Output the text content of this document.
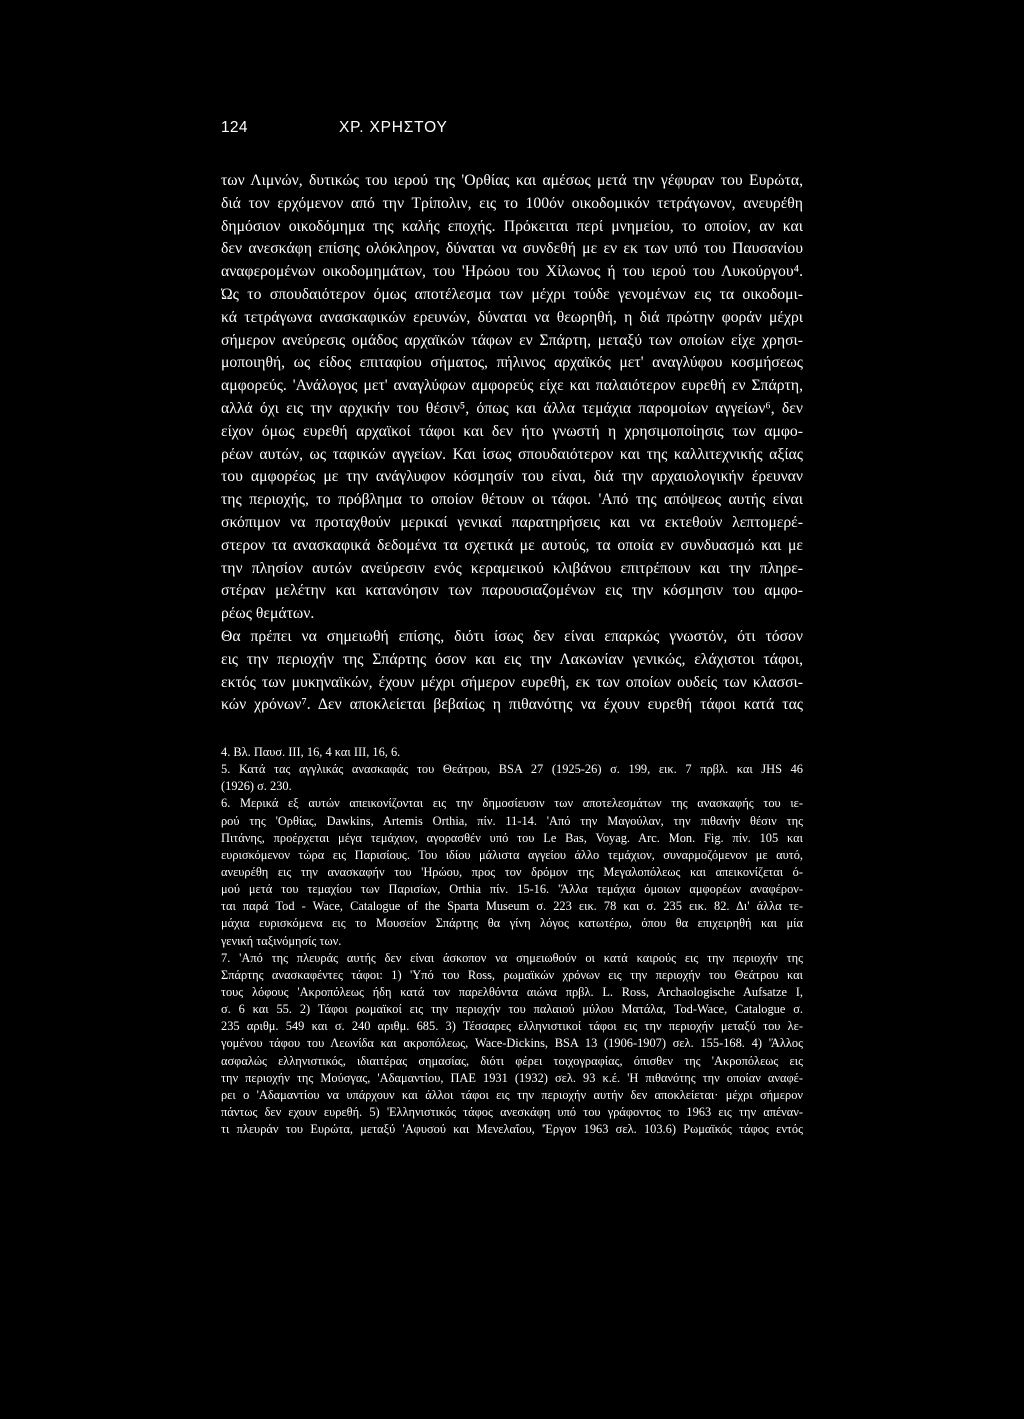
124	ΧΡ. ΧΡΗΣΤΟΥ
των Λιμνών, δυτικώς του ιερού της 'Ορθίας και αμέσως μετά την γέφυραν του Ευρώτα,
διά τον ερχόμενον από την Τρίπολιν, εις το 100όν οικοδομικόν τετράγωνον, ανευρέθη
δημόσιον οικοδόμημα της καλής εποχής. Πρόκειται περί μνημείου, το οποίον, αν και
δεν ανεσκάφη επίσης ολόκληρον, δύναται να συνδεθή με εν εκ των υπό του Παυσανίου
αναφερομένων οικοδομημάτων, του 'Ηρώου του Χίλωνος ή του ιερού του Λυκούργου⁴.
Ώς το σπουδαιότερον όμως αποτέλεσμα των μέχρι τούδε γενομένων εις τα οικοδομι-
κά τετράγωνα ανασκαφικών ερευνών, δύναται να θεωρηθή, η διά πρώτην φοράν μέχρι
σήμερον ανεύρεσις ομάδος αρχαϊκών τάφων εν Σπάρτη, μεταξύ των οποίων είχε χρησι-
μοποιηθή, ως είδος επιταφίου σήματος, πήλινος αρχαϊκός μετ' αναγλύφου κοσμήσεως
αμφορεύς. 'Ανάλογος μετ' αναγλύφων αμφορεύς είχε και παλαιότερον ευρεθή εν Σπάρτη,
αλλά όχι εις την αρχικήν του θέσιν⁵, όπως και άλλα τεμάχια παρομοίων αγγείων⁶, δεν
είχον όμως ευρεθή αρχαϊκοί τάφοι και δεν ήτο γνωστή η χρησιμοποίησις των αμφο-
ρέων αυτών, ως ταφικών αγγείων. Και ίσως σπουδαιότερον και της καλλιτεχνικής αξίας
του αμφορέως με την ανάγλυφον κόσμησίν του είναι, διά την αρχαιολογικήν έρευναν
της περιοχής, το πρόβλημα το οποίον θέτουν οι τάφοι. 'Από της απόψεως αυτής είναι
σκόπιμον να προταχθούν μερικαί γενικαί παρατηρήσεις και να εκτεθούν λεπτομερέ-
στερον τα ανασκαφικά δεδομένα τα σχετικά με αυτούς, τα οποία εν συνδυασμώ και με
την πλησίον αυτών ανεύρεσιν ενός κεραμεικού κλιβάνου επιτρέπουν και την πληρε-
στέραν μελέτην και κατανόησιν των παρουσιαζομένων εις την κόσμησιν του αμφο-
ρέως θεμάτων.
Θα πρέπει να σημειωθή επίσης, διότι ίσως δεν είναι επαρκώς γνωστόν, ότι τόσον
εις την περιοχήν της Σπάρτης όσον και εις την Λακωνίαν γενικώς, ελάχιστοι τάφοι,
εκτός των μυκηναϊκών, έχουν μέχρι σήμερον ευρεθή, εκ των οποίων ουδείς των κλασσι-
κών χρόνων⁷. Δεν αποκλείεται βεβαίως η πιθανότης να έχουν ευρεθή τάφοι κατά τας
4. Βλ. Παυσ. III, 16, 4 και III, 16, 6.
5. Κατά τας αγγλικάς ανασκαφάς του Θεάτρου, BSA 27 (1925-26) σ. 199, εικ. 7 πρβλ. και JHS 46
(1926) σ. 230.
6. Μερικά εξ αυτών απεικονίζονται εις την δημοσίευσιν των αποτελεσμάτων της ανασκαφής του ιε-
ρού της 'Ορθίας, Dawkins, Artemis Orthia, πίν. 11-14. 'Από την Μαγούλαν, την πιθανήν θέσιν της
Πιτάνης, προέρχεται μέγα τεμάχιον, αγορασθέν υπό του Le Bas, Voyag. Arc. Mon. Fig. πίν. 105 και
ευρισκόμενον τώρα εις Παρισίους. Του ιδίου μάλιστα αγγείου άλλο τεμάχιον, συναρμοζόμενον με αυτό,
ανευρέθη εις την ανασκαφήν του 'Ηρώου, προς τον δρόμον της Μεγαλοπόλεως και απεικονίζεται ό-
μού μετά του τεμαχίου των Παρισίων, Orthia πίν. 15-16. 'Άλλα τεμάχια όμοιων αμφορέων αναφέρον-
ται παρά Tod - Wace, Catalogue of the Sparta Museum σ. 223 εικ. 78 και σ. 235 εικ. 82. Δι' άλλα τε-
μάχια ευρισκόμενα εις το Μουσείον Σπάρτης θα γίνη λόγος κατωτέρω, όπου θα επιχειρηθή και μία
γενική ταξινόμησίς των.
7. 'Από της πλευράς αυτής δεν είναι άσκοπον να σημειωθούν οι κατά καιρούς εις την περιοχήν της
Σπάρτης ανασκαφέντες τάφοι: 1) 'Υπό του Ross, ρωμαϊκών χρόνων εις την περιοχήν του Θεάτρου και
τους λόφους 'Ακροπόλεως ήδη κατά τον παρελθόντα αιώνα πρβλ. L. Ross, Archaologische Aufsatze I,
σ. 6 και 55. 2) Τάφοι ρωμαϊκοί εις την περιοχήν του παλαιού μύλου Ματάλα, Tod-Wace, Catalogue σ.
235 αριθμ. 549 και σ. 240 αριθμ. 685. 3) Τέσσαρες ελληνιστικοί τάφοι εις την περιοχήν μεταξύ του λε-
γομένου τάφου του Λεωνίδα και ακροπόλεως, Wace-Dickins, BSA 13 (1906-1907) σελ. 155-168. 4) 'Άλλος
ασφαλώς ελληνιστικός, ιδιαιτέρας σημασίας, διότι φέρει τοιχογραφίας, όπισθεν της 'Ακροπόλεως εις
την περιοχήν της Μούσγας, 'Αδαμαντίου, ΠΑΕ 1931 (1932) σελ. 93 κ.έ. 'Η πιθανότης την οποίαν αναφέ-
ρει ο 'Αδαμαντίου να υπάρχουν και άλλοι τάφοι εις την περιοχήν αυτήν δεν αποκλείεται· μέχρι σήμερον
πάντως δεν εχουν ευρεθή. 5) 'Ελληνιστικός τάφος ανεσκάφη υπό του γράφοντος το 1963 εις την απέναν-
τι πλευράν του Ευρώτα, μεταξύ 'Αφυσού και Μενελαΐου, 'Έργον 1963 σελ. 103.6) Ρωμαϊκός τάφος εντός
